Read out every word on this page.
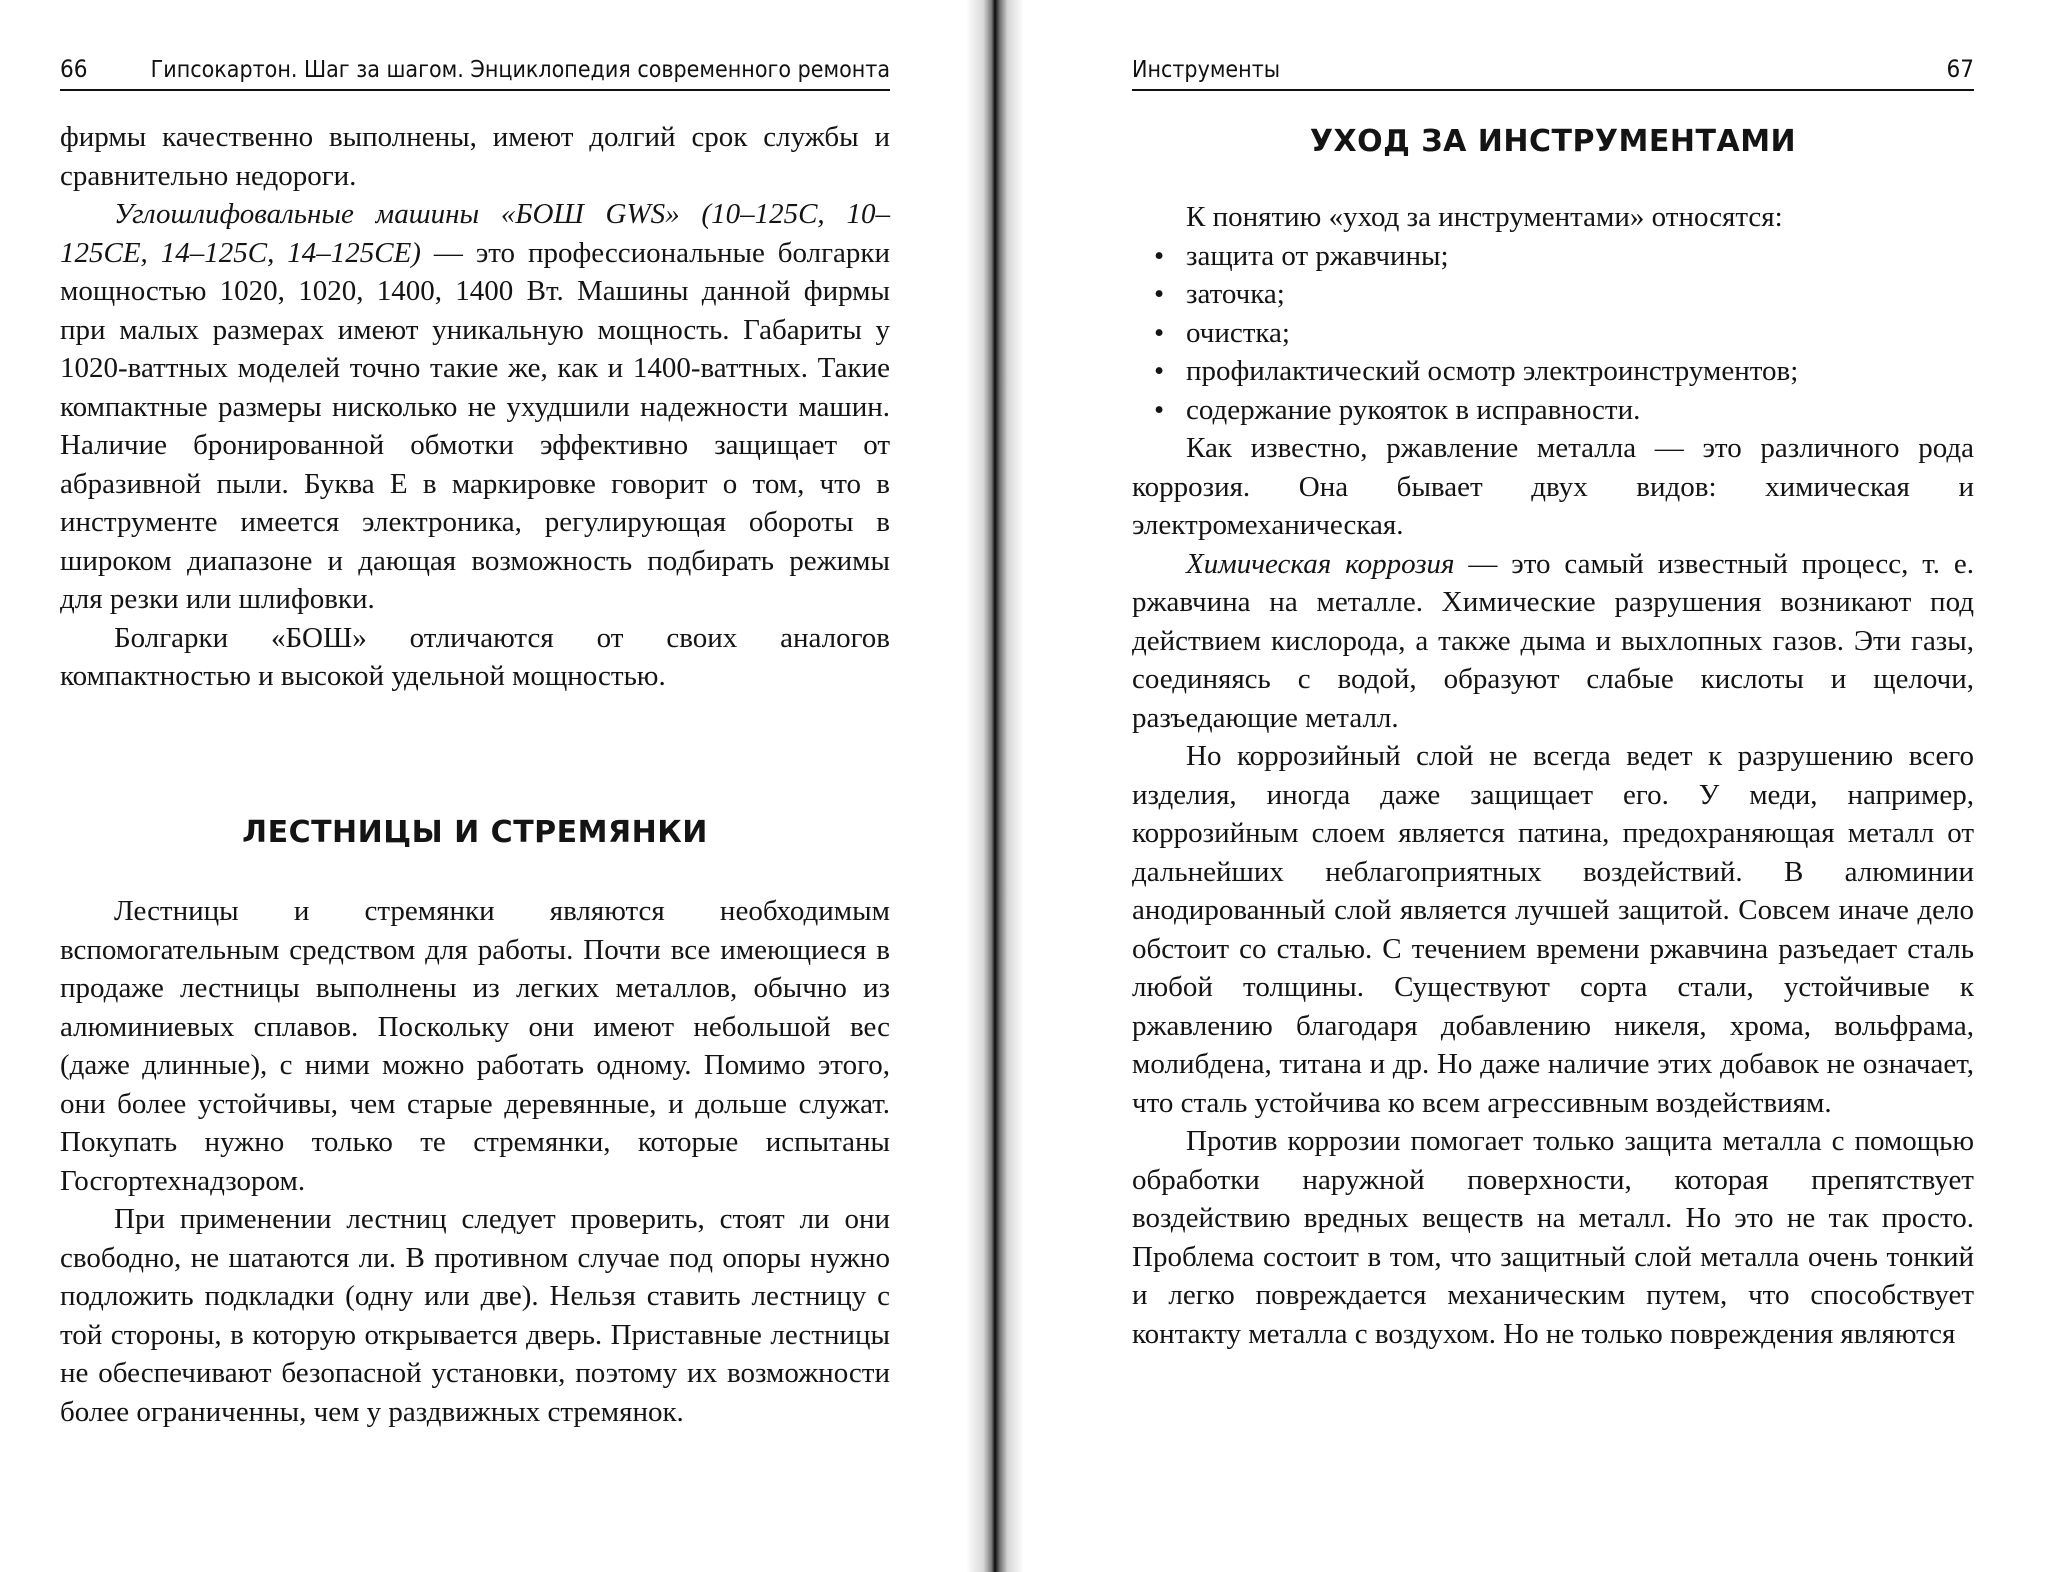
66	Гипсокартон. Шаг за шагом. Энциклопедия современного ремонта

фирмы качественно выполнены, имеют долгий срок службы и сравнительно недороги.

Углошлифовальные машины «БОШ GWS» (10–125С, 10–125СЕ, 14–125С, 14–125СЕ) — это профессиональные болгарки мощностью 1020, 1020, 1400, 1400 Вт. Машины данной фирмы при малых размерах имеют уникальную мощность. Габариты у 1020-ваттных моделей точно такие же, как и 1400-ваттных. Такие компактные размеры нисколько не ухудшили надежности машин. Наличие бронированной обмотки эффективно защищает от абразивной пыли. Буква Е в маркировке говорит о том, что в инструменте имеется электроника, регулирующая обороты в широком диапазоне и дающая возможность подбирать режимы для резки или шлифовки.

Болгарки «БОШ» отличаются от своих аналогов компактностью и высокой удельной мощностью.

ЛЕСТНИЦЫ И СТРЕМЯНКИ

Лестницы и стремянки являются необходимым вспомогательным средством для работы. Почти все имеющиеся в продаже лестницы выполнены из легких металлов, обычно из алюминиевых сплавов. Поскольку они имеют небольшой вес (даже длинные), с ними можно работать одному. Помимо этого, они более устойчивы, чем старые деревянные, и дольше служат. Покупать нужно только те стремянки, которые испытаны Госгортехнадзором.

При применении лестниц следует проверить, стоят ли они свободно, не шатаются ли. В противном случае под опоры нужно подложить подкладки (одну или две). Нельзя ставить лестницу с той стороны, в которую открывается дверь. Приставные лестницы не обеспечивают безопасной установки, поэтому их возможности более ограниченны, чем у раздвижных стремянок.

Инструменты	67
УХОД ЗА ИНСТРУМЕНТАМИ

К понятию «уход за инструментами» относятся:

• защита от ржавчины;
• заточка;
• очистка;
• профилактический осмотр электроинструментов;
• содержание рукояток в исправности.

Как известно, ржавление металла — это различного рода коррозия. Она бывает двух видов: химическая и электромеханическая.

Химическая коррозия — это самый известный процесс, т. е. ржавчина на металле. Химические разрушения возникают под действием кислорода, а также дыма и выхлопных газов. Эти газы, соединяясь с водой, образуют слабые кислоты и щелочи, разъедающие металл.

Но коррозийный слой не всегда ведет к разрушению всего изделия, иногда даже защищает его. У меди, например, коррозийным слоем является патина, предохраняющая металл от дальнейших неблагоприятных воздействий. В алюминии анодированный слой является лучшей защитой. Совсем иначе дело обстоит со сталью. С течением времени ржавчина разъедает сталь любой толщины. Существуют сорта стали, устойчивые к ржавлению благодаря добавлению никеля, хрома, вольфрама, молибдена, титана и др. Но даже наличие этих добавок не означает, что сталь устойчива ко всем агрессивным воздействиям.

Против коррозии помогает только защита металла с помощью обработки наружной поверхности, которая препятствует воздействию вредных веществ на металл. Но это не так просто. Проблема состоит в том, что защитный слой металла очень тонкий и легко повреждается механическим путем, что способствует контакту металла с воздухом. Но не только повреждения являются
